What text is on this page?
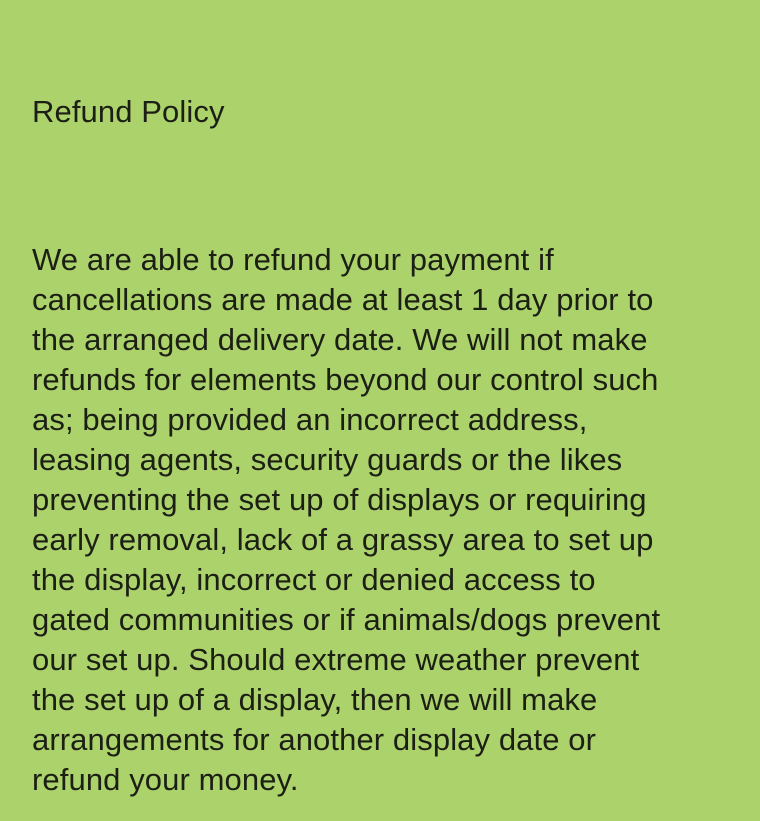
Refund Policy

We are able to refund your payment if
cancellations are made at least 1 day prior to
the arranged delivery date. We will not make
refunds for elements beyond our control such
as; being provided an incorrect address,
leasing agents, security guards or the likes
preventing the set up of displays or requiring
early removal, lack of a grassy area to set up
the display, incorrect or denied access to
gated communities or if animals/dogs prevent
our set up. Should extreme weather prevent
the set up of a display, then we will make
arrangements for another display date or
refund your money.
